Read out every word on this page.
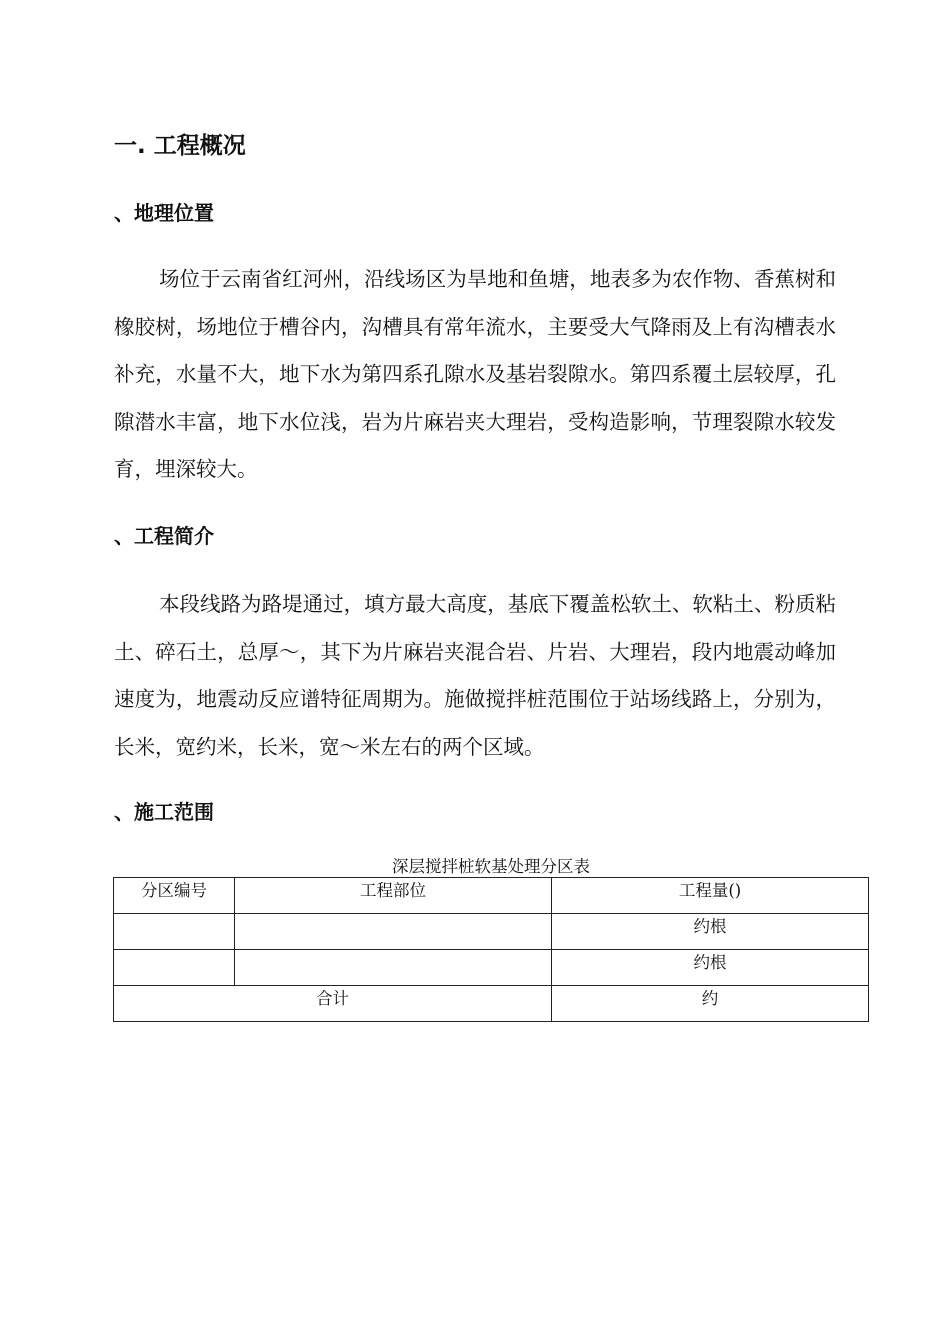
一. 工程概况
、地理位置

场位于云南省红河州，沿线场区为旱地和鱼塘，地表多为农作物、香蕉树和橡胶树，场地位于槽谷内，沟槽具有常年流水，主要受大气降雨及上有沟槽表水补充，水量不大，地下水为第四系孔隙水及基岩裂隙水。第四系覆土层较厚，孔隙潜水丰富，地下水位浅，岩为片麻岩夹大理岩，受构造影响，节理裂隙水较发育，埋深较大。

、工程简介

本段线路为路堤通过，填方最大高度，基底下覆盖松软土、软粘土、粉质粘土、碎石土，总厚～，其下为片麻岩夹混合岩、片岩、大理岩，段内地震动峰加速度为，地震动反应谱特征周期为。施做搅拌桩范围位于站场线路上，分别为，长米，宽约米，长米，宽～米左右的两个区域。

、施工范围
深层搅拌桩软基处理分区表
分区编号	工程部位	工程量()
		约根
		约根
合计		约
